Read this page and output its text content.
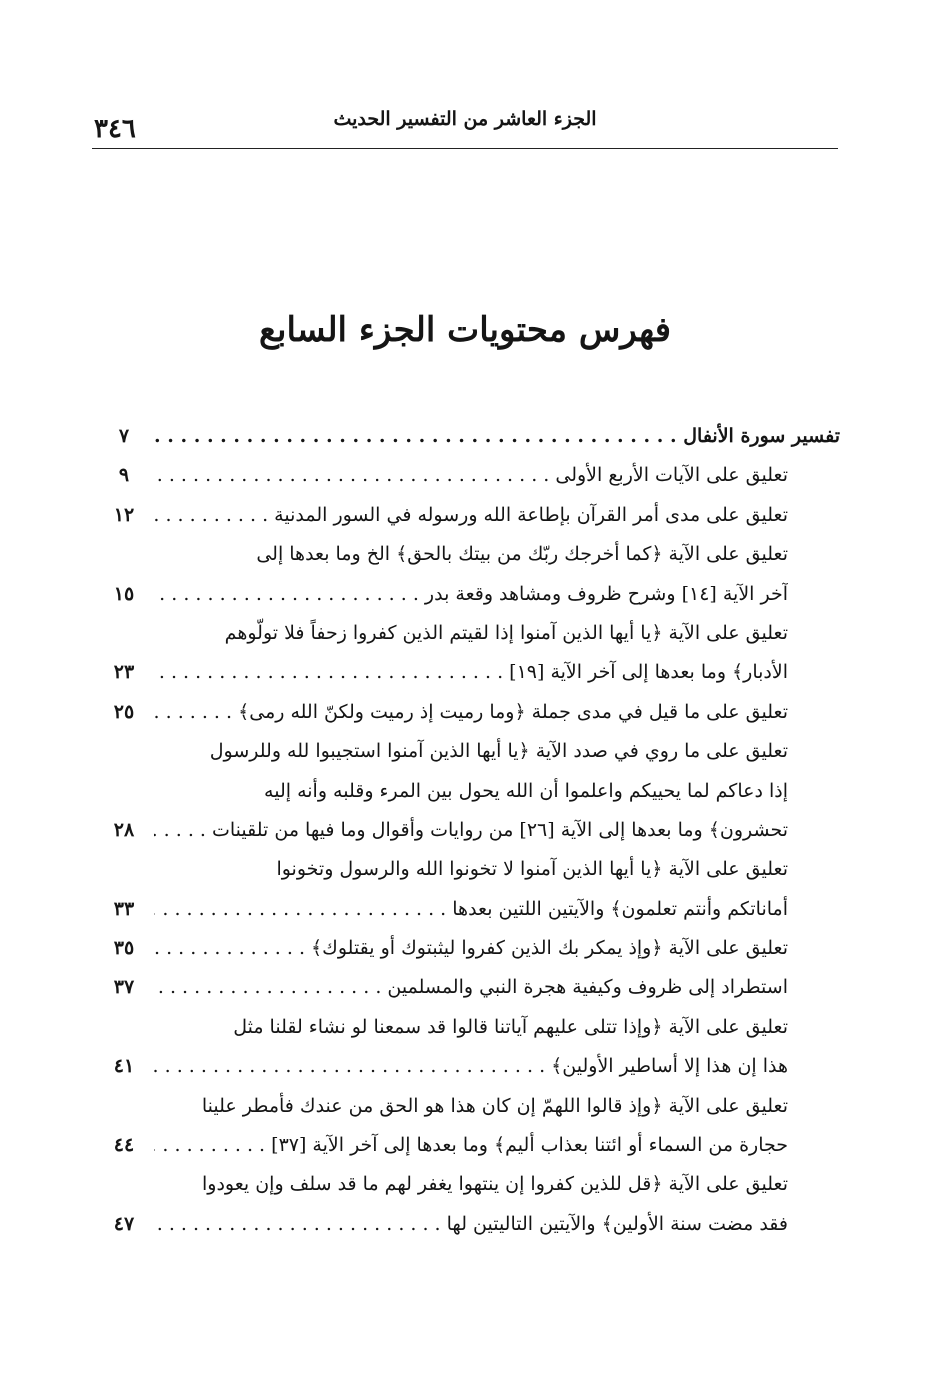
٣٤٦	الجزء العاشر من التفسير الحديث
فهرس محتويات الجزء السابع
تفسير سورة الأنفال . . .
٧
تعليق على الآيات الأربع الأولى . . .
٩
تعليق على مدى أمر القرآن بإطاعة الله ورسوله في السور المدنية . . .
١٢
تعليق على الآية ﴿كما أخرجك ربّك من بيتك بالحق﴾ الخ وما بعدها إلى
آخر الآية [١٤] وشرح ظروف ومشاهد وقعة بدر . . .
١٥
تعليق على الآية ﴿يا أيها الذين آمنوا إذا لقيتم الذين كفروا زحفاً فلا تولّوهم
الأدبار﴾ وما بعدها إلى آخر الآية [١٩] . . .
٢٣
تعليق على ما قيل في مدى جملة ﴿وما رميت إذ رميت ولكنّ الله رمى﴾ . . .
٢٥
تعليق على ما روي في صدد الآية ﴿يا أيها الذين آمنوا استجيبوا لله وللرسول
إذا دعاكم لما يحييكم واعلموا أن الله يحول بين المرء وقلبه وأنه إليه
تحشرون﴾ وما بعدها إلى الآية [٢٦] من روايات وأقوال وما فيها من تلقينات . . .
٢٨
تعليق على الآية ﴿يا أيها الذين آمنوا لا تخونوا الله والرسول وتخونوا
أماناتكم وأنتم تعلمون﴾ والآيتين اللتين بعدها . . .
٣٣
تعليق على الآية ﴿وإذ يمكر بك الذين كفروا ليثبتوك أو يقتلوك﴾ . . .
٣٥
استطراد إلى ظروف وكيفية هجرة النبي والمسلمين . . .
٣٧
تعليق على الآية ﴿وإذا تتلى عليهم آياتنا قالوا قد سمعنا لو نشاء لقلنا مثل
هذا إن هذا إلا أساطير الأولين﴾ . . .
٤١
تعليق على الآية ﴿وإذ قالوا اللهمّ إن كان هذا هو الحق من عندك فأمطر علينا
حجارة من السماء أو ائتنا بعذاب أليم﴾ وما بعدها إلى آخر الآية [٣٧] . . .
٤٤
تعليق على الآية ﴿قل للذين كفروا إن ينتهوا يغفر لهم ما قد سلف وإن يعودوا
فقد مضت سنة الأولين﴾ والآيتين التاليتين لها . . .
٤٧
